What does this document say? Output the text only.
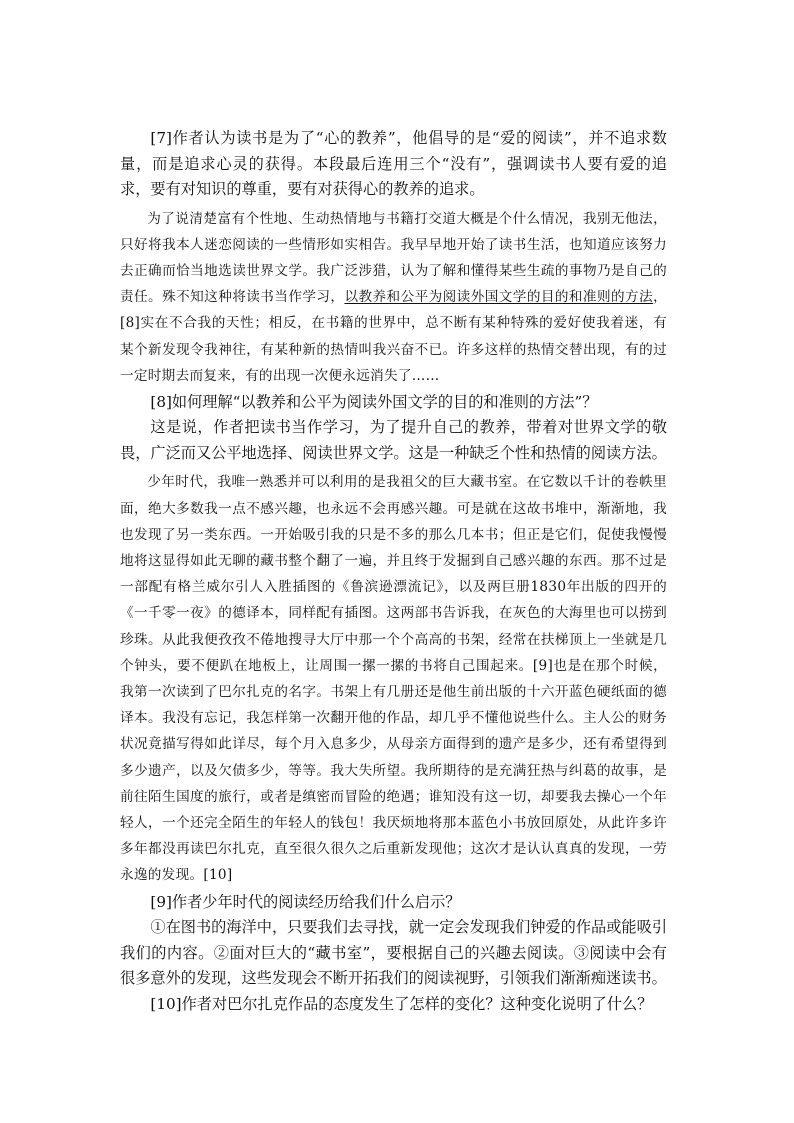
[7]作者认为读书是为了“心的教养”，他倡导的是“爱的阅读”，并不追求数量，而是追求心灵的获得。本段最后连用三个“没有”，强调读书人要有爱的追求，要有对知识的尊重，要有对获得心的教养的追求。

为了说清楚富有个性地、生动热情地与书籍打交道大概是个什么情况，我别无他法，只好将我本人迷恋阅读的一些情形如实相告。我早早地开始了读书生活，也知道应该努力去正确而恰当地选读世界文学。我广泛涉猎，认为了解和懂得某些生疏的事物乃是自己的责任。殊不知这种将读书当作学习，以教养和公平为阅读外国文学的目的和准则的方法，[8]实在不合我的天性；相反，在书籍的世界中，总不断有某种特殊的爱好使我着迷，有某个新发现令我神往，有某种新的热情叫我兴奋不已。许多这样的热情交替出现，有的过一定时期去而复来，有的出现一次便永远消失了……

[8]如何理解“以教养和公平为阅读外国文学的目的和准则的方法”？

这是说，作者把读书当作学习，为了提升自己的教养，带着对世界文学的敬畏，广泛而又公平地选择、阅读世界文学。这是一种缺乏个性和热情的阅读方法。

少年时代，我唯一熟悉并可以利用的是我祖父的巨大藏书室。在它数以千计的卷帙里面，绝大多数我一点不感兴趣，也永远不会再感兴趣。可是就在这故书堆中，渐渐地，我也发现了另一类东西。一开始吸引我的只是不多的那么几本书；但正是它们，促使我慢慢地将这显得如此无聊的藏书整个翻了一遍，并且终于发掘到自己感兴趣的东西。那不过是一部配有格兰威尔引人入胜插图的《鲁滨逊漂流记》，以及两巨册1830年出版的四开的《一千零一夜》的德译本，同样配有插图。这两部书告诉我，在灰色的大海里也可以捞到珍珠。从此我便孜孜不倦地搜寻大厅中那一个个高高的书架，经常在扶梯顶上一坐就是几个钟头，要不便趴在地板上，让周围一摞一摞的书将自己围起来。[9]也是在那个时候，我第一次读到了巴尔扎克的名字。书架上有几册还是他生前出版的十六开蓝色硬纸面的德译本。我没有忘记，我怎样第一次翻开他的作品，却几乎不懂他说些什么。主人公的财务状况竟描写得如此详尽，每个月入息多少，从母亲方面得到的遗产是多少，还有希望得到多少遗产，以及欠债多少，等等。我大失所望。我所期待的是充满狂热与纠葛的故事，是前往陌生国度的旅行，或者是缜密而冒险的绝遇；谁知没有这一切，却要我去操心一个年轻人，一个还完全陌生的年轻人的钱包！我厌烦地将那本蓝色小书放回原处，从此许多许多年都没再读巴尔扎克，直至很久很久之后重新发现他；这次才是认认真真的发现，一劳永逸的发现。[10]

[9]作者少年时代的阅读经历给我们什么启示？

①在图书的海洋中，只要我们去寻找，就一定会发现我们钟爱的作品或能吸引我们的内容。②面对巨大的“藏书室”，要根据自己的兴趣去阅读。③阅读中会有很多意外的发现，这些发现会不断开拓我们的阅读视野，引领我们渐渐痴迷读书。

[10]作者对巴尔扎克作品的态度发生了怎样的变化？这种变化说明了什么？
